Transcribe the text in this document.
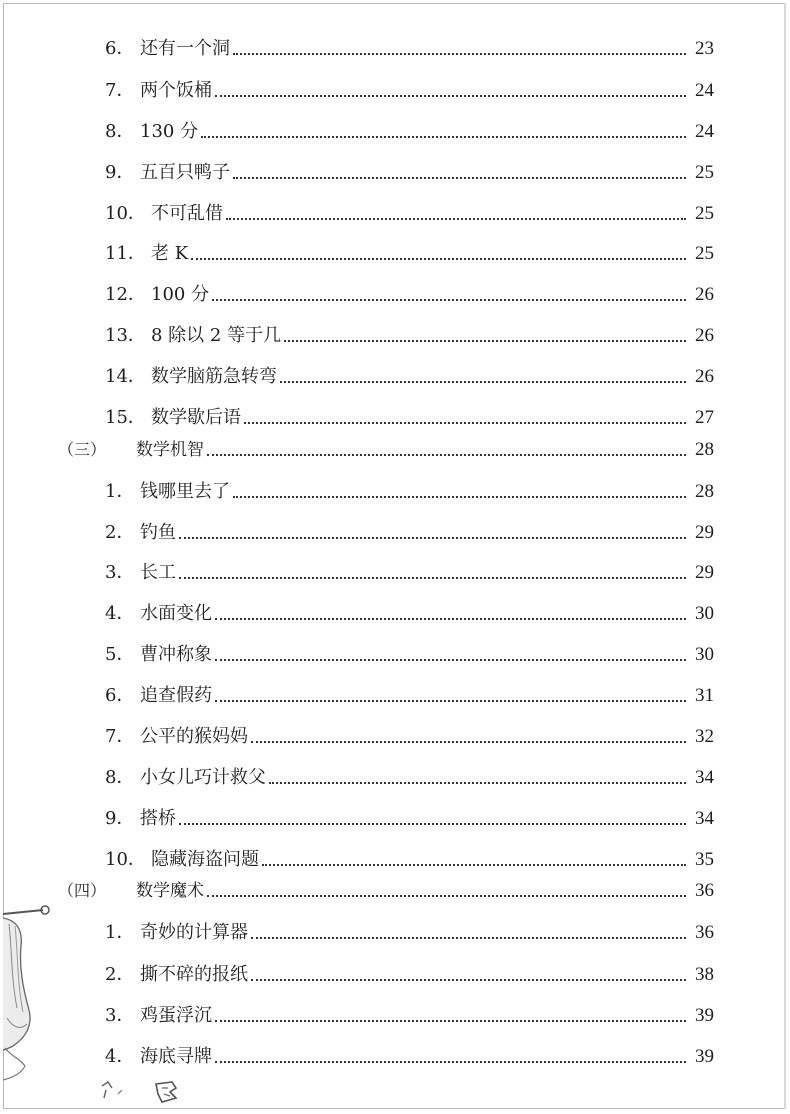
6． 还有一个洞	23
7． 两个饭桶	24
8． 130 分	24
9． 五百只鸭子	25
10． 不可乱借	25
11． 老 K	25
12． 100 分	26
13． 8 除以 2 等于几	26
14． 数学脑筋急转弯	26
15． 数学歇后语	27
（三）	数学机智	28
1． 钱哪里去了	28
2． 钓鱼	29
3． 长工	29
4． 水面变化	30
5． 曹冲称象	30
6． 追查假药	31
7． 公平的猴妈妈	32
8． 小女儿巧计救父	34
9． 搭桥	34
10． 隐藏海盗问题	35
（四）	数学魔术	36
1． 奇妙的计算器	36
2． 撕不碎的报纸	38
3． 鸡蛋浮沉	39
4． 海底寻牌	39
